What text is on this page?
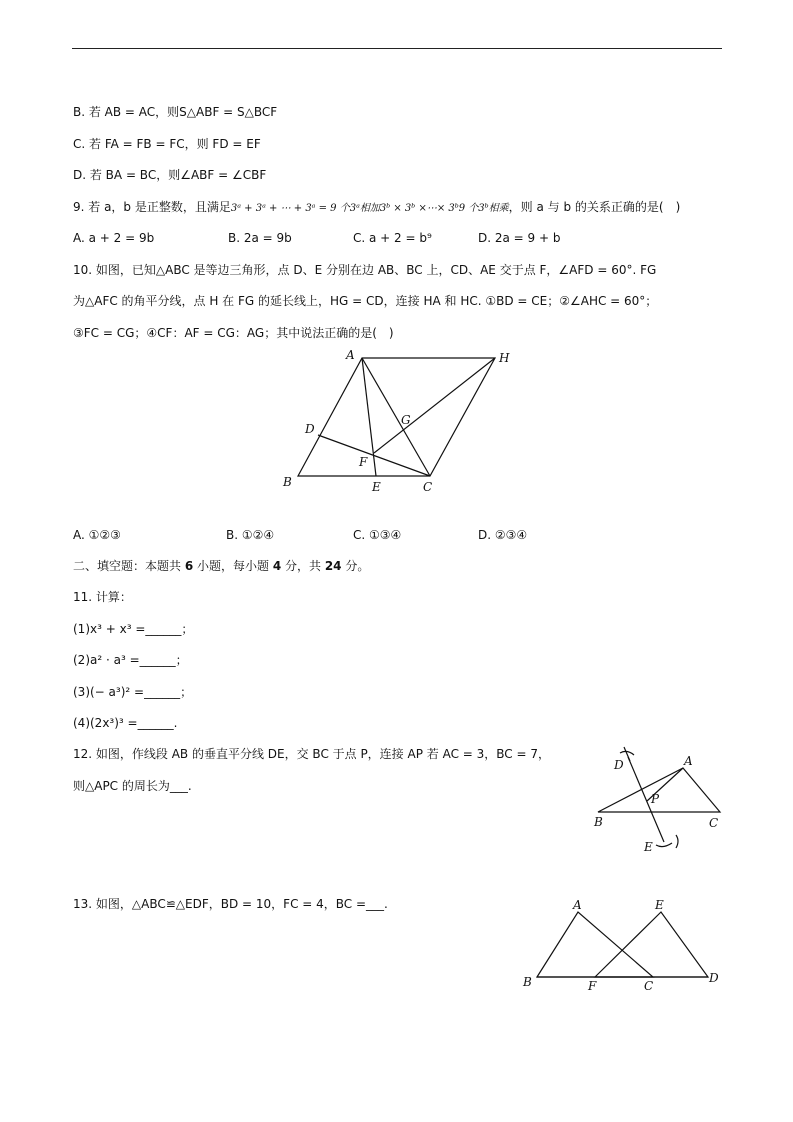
B. 若 AB = AC，则S△ABF = S△BCF
C. 若 FA = FB = FC，则 FD = EF
D. 若 BA = BC，则∠ABF = ∠CBF
9. 若 a，b 是正整数，且满足3ᵃ + 3ᵃ + ⋯ + 3ᵃ = 9 个3ᵃ相加3ᵇ × 3ᵇ ×⋯× 3ᵇ9 个3ᵇ相乘，则 a 与 b 的关系正确的是(　)
A. a + 2 = 9b	B. 2a = 9b	C. a + 2 = b⁹	D. 2a = 9 + b
10. 如图，已知△ABC 是等边三角形，点 D、E 分别在边 AB、BC 上，CD、AE 交于点 F，∠AFD = 60°. FG
为△AFC 的角平分线，点 H 在 FG 的延长线上，HG = CD，连接 HA 和 HC. ①BD = CE；②∠AHC = 60°；
③FC = CG；④CF：AF = CG：AG；其中说法正确的是(　)
A	H
D
G
F
B	E	C
A. ①②③	B. ①②④	C. ①③④	D. ②③④
二、填空题：本题共 6 小题，每小题 4 分，共 24 分。
11. 计算：
(1)x³ + x³ =______；
(2)a² · a³ =______；
(3)(− a³)² =______；
(4)(2x³)³ =______.
12. 如图，作线段 AB 的垂直平分线 DE，交 BC 于点 P，连接 AP 若 AC = 3，BC = 7，
则△APC 的周长为___.
D	A
P
B	C
E
13. 如图，△ABC≌△EDF，BD = 10，FC = 4，BC =___.	A	E
B	F	C
D
